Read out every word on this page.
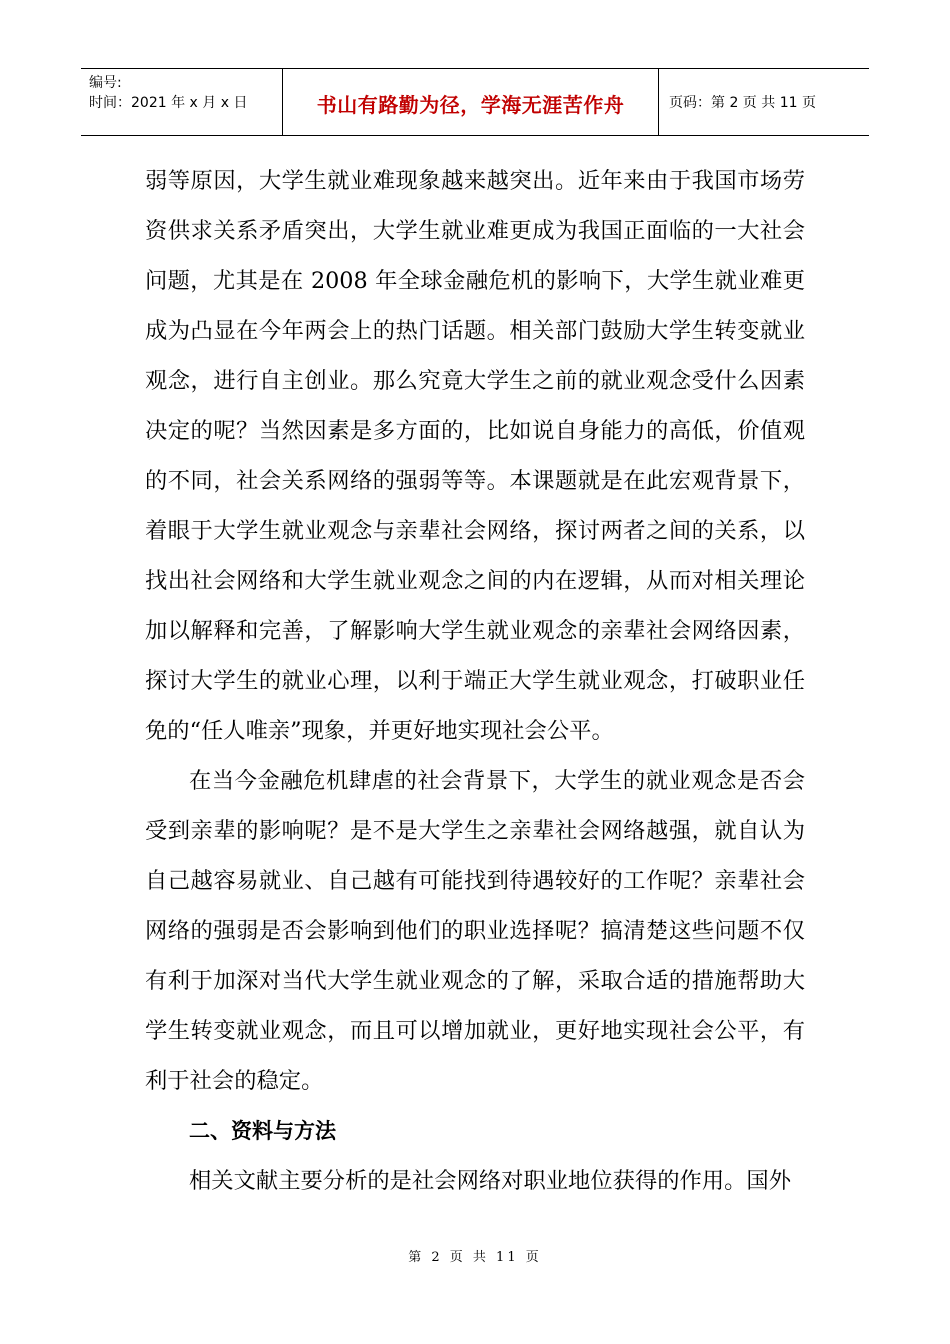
编号:
时间：2021 年 x 月 x 日	书山有路勤为径，学海无涯苦作舟	页码：第 2 页 共 11 页

弱等原因，大学生就业难现象越来越突出。近年来由于我国市场劳资供求关系矛盾突出，大学生就业难更成为我国正面临的一大社会问题，尤其是在 2008 年全球金融危机的影响下，大学生就业难更成为凸显在今年两会上的热门话题。相关部门鼓励大学生转变就业观念，进行自主创业。那么究竟大学生之前的就业观念受什么因素决定的呢？当然因素是多方面的，比如说自身能力的高低，价值观的不同，社会关系网络的强弱等等。本课题就是在此宏观背景下，着眼于大学生就业观念与亲辈社会网络，探讨两者之间的关系，以找出社会网络和大学生就业观念之间的内在逻辑，从而对相关理论加以解释和完善，了解影响大学生就业观念的亲辈社会网络因素，探讨大学生的就业心理，以利于端正大学生就业观念，打破职业任免的“任人唯亲”现象，并更好地实现社会公平。

在当今金融危机肆虐的社会背景下，大学生的就业观念是否会受到亲辈的影响呢？是不是大学生之亲辈社会网络越强，就自认为自己越容易就业、自己越有可能找到待遇较好的工作呢？亲辈社会网络的强弱是否会影响到他们的职业选择呢？搞清楚这些问题不仅有利于加深对当代大学生就业观念的了解，采取合适的措施帮助大学生转变就业观念，而且可以增加就业，更好地实现社会公平，有利于社会的稳定。

二、资料与方法

相关文献主要分析的是社会网络对职业地位获得的作用。国外

第 2 页 共 11 页
